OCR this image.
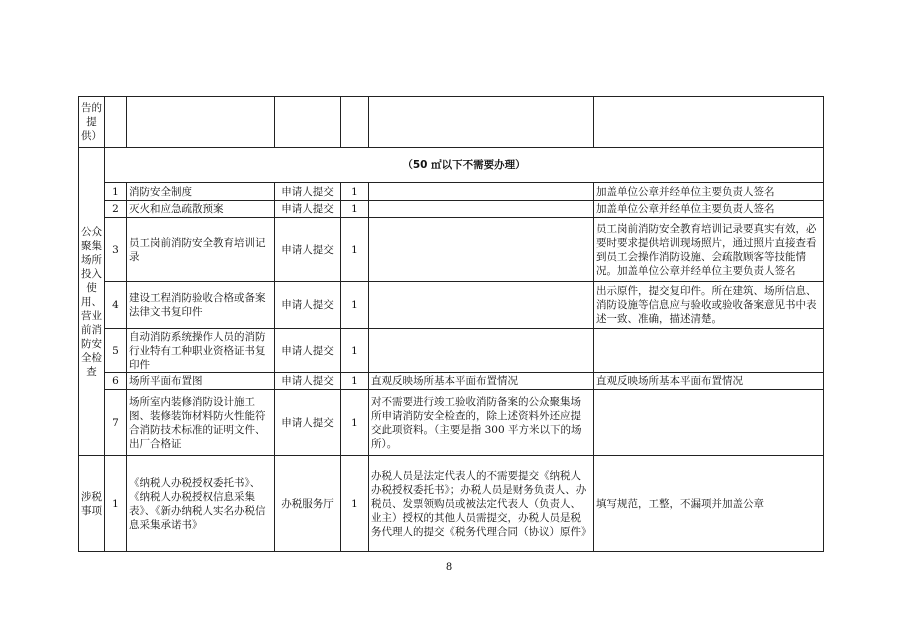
告的提供）						
公众聚集场所投入使用、营业前消防安全检查	（50 ㎡以下不需要办理）					
	1	消防安全制度	申请人提交	1		加盖单位公章并经单位主要负责人签名
	2	灭火和应急疏散预案	申请人提交	1		加盖单位公章并经单位主要负责人签名
	3	员工岗前消防安全教育培训记录	申请人提交	1		员工岗前消防安全教育培训记录要真实有效，必要时要求提供培训现场照片，通过照片直接查看到员工会操作消防设施、会疏散顾客等技能情况。加盖单位公章并经单位主要负责人签名
	4	建设工程消防验收合格或备案法律文书复印件	申请人提交	1		出示原件，提交复印件。所在建筑、场所信息、消防设施等信息应与验收或验收备案意见书中表述一致、准确，描述清楚。
	5	自动消防系统操作人员的消防行业特有工种职业资格证书复印件	申请人提交	1		
	6	场所平面布置图	申请人提交	1	直观反映场所基本平面布置情况	直观反映场所基本平面布置情况
	7	场所室内装修消防设计施工图、装修装饰材料防火性能符合消防技术标准的证明文件、出厂合格证	申请人提交	1	对不需要进行竣工验收消防备案的公众聚集场所申请消防安全检查的，除上述资料外还应提交此项资料。（主要是指 300 平方米以下的场所）。	
涉税事项	1	《纳税人办税授权委托书》、《纳税人办税授权信息采集表》、《新办纳税人实名办税信息采集承诺书》	办税服务厅	1	办税人员是法定代表人的不需要提交《纳税人办税授权委托书》；办税人员是财务负责人、办税员、发票领购员或被法定代表人（负责人、业主）授权的其他人员需提交，办税人员是税务代理人的提交《税务代理合同（协议）原件》	填写规范，工整，不漏项并加盖公章
8
